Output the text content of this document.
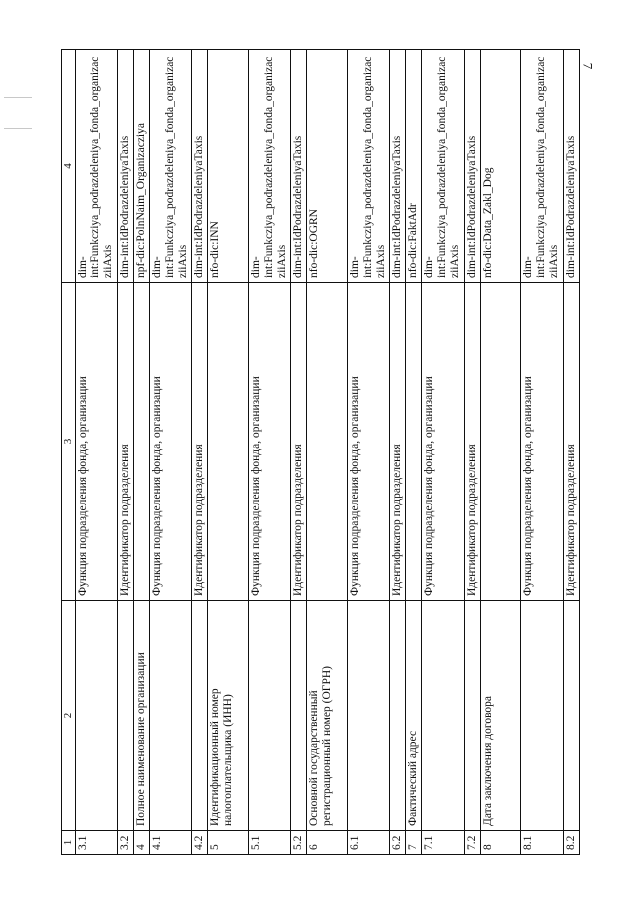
7
1	2	3	4
3.1		Функция подразделения фонда, организации	dim-int:Funkcziya_podrazdeleniya_fonda_organizacziiAxis
3.2		Идентификатор подразделения	dim-int:IdPodrazdeleniyaTaxis
4	Полное наименование организации		npf-dic:PolnNaim_Organizacziya
4.1		Функция подразделения фонда, организации	dim-int:Funkcziya_podrazdeleniya_fonda_organizacziiAxis
4.2		Идентификатор подразделения	dim-int:IdPodrazdeleniyaTaxis
5	Идентификационный номер налогоплательщика (ИНН)		nfo-dic:INN
5.1		Функция подразделения фонда, организации	dim-int:Funkcziya_podrazdeleniya_fonda_organizacziiAxis
5.2		Идентификатор подразделения	dim-int:IdPodrazdeleniyaTaxis
6	Основной государственный регистрационный номер (ОГРН)		nfo-dic:OGRN
6.1		Функция подразделения фонда, организации	dim-int:Funkcziya_podrazdeleniya_fonda_organizacziiAxis
6.2		Идентификатор подразделения	dim-int:IdPodrazdeleniyaTaxis
7	Фактический адрес		nfo-dic:FaktAdr
7.1		Функция подразделения фонда, организации	dim-int:Funkcziya_podrazdeleniya_fonda_organizacziiAxis
7.2		Идентификатор подразделения	dim-int:IdPodrazdeleniyaTaxis
8	Дата заключения договора		nfo-dic:Data_Zakl_Dog
8.1		Функция подразделения фонда, организации	dim-int:Funkcziya_podrazdeleniya_fonda_organizacziiAxis
8.2		Идентификатор подразделения	dim-int:IdPodrazdeleniyaTaxis
